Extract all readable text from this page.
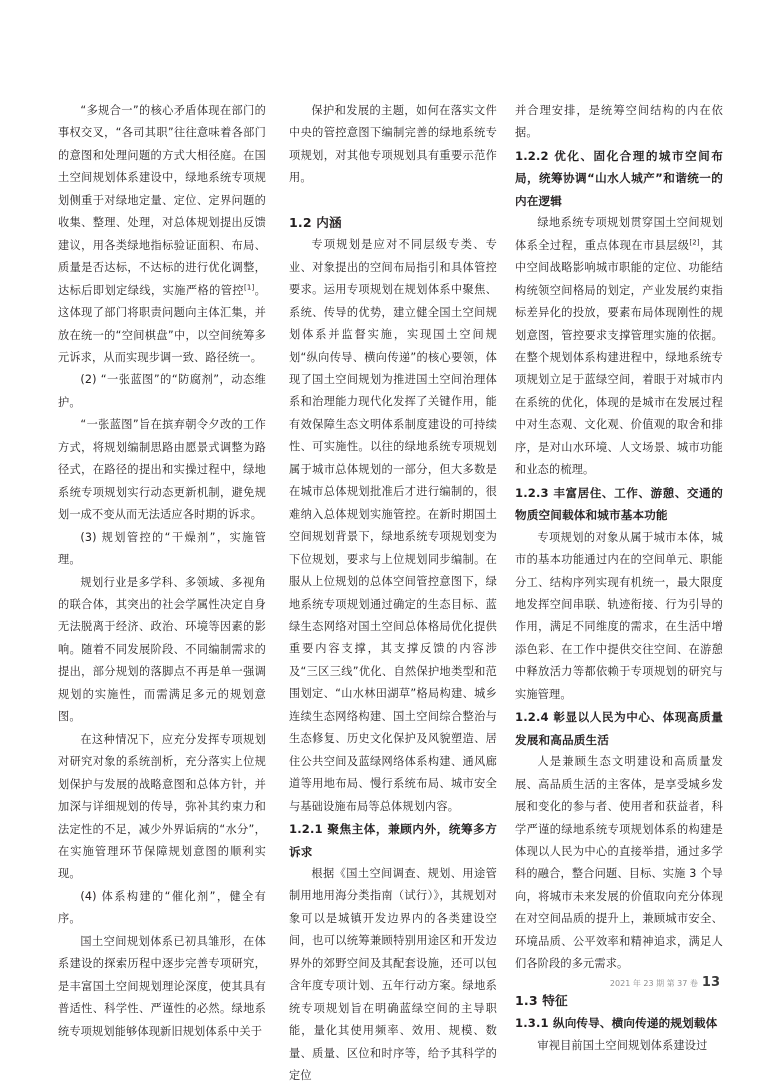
“多规合一”的核心矛盾体现在部门的事权交叉，“各司其职”往往意味着各部门的意图和处理问题的方式大相径庭。在国土空间规划体系建设中，绿地系统专项规划侧重于对绿地定量、定位、定界问题的收集、整理、处理，对总体规划提出反馈建议，用各类绿地指标验证面积、布局、质量是否达标，不达标的进行优化调整，达标后即划定绿线，实施严格的管控[1]。这体现了部门将职责问题向主体汇集，并放在统一的“空间棋盘”中，以空间统筹多元诉求，从而实现步调一致、路径统一。

(2) “一张蓝图”的“防腐剂”，动态维护。

“一张蓝图”旨在摈弃朝令夕改的工作方式，将规划编制思路由愿景式调整为路径式，在路径的提出和实操过程中，绿地系统专项规划实行动态更新机制，避免规划一成不变从而无法适应各时期的诉求。

(3) 规划管控的“干燥剂”，实施管理。

规划行业是多学科、多领域、多视角的联合体，其突出的社会学属性决定自身无法脱离于经济、政治、环境等因素的影响。随着不同发展阶段、不同编制需求的提出，部分规划的落脚点不再是单一强调规划的实施性，而需满足多元的规划意图。

在这种情况下，应充分发挥专项规划对研究对象的系统剖析，充分落实上位规划保护与发展的战略意图和总体方针，并加深与详细规划的传导，弥补其约束力和法定性的不足，减少外界诟病的“水分”，在实施管理环节保障规划意图的顺利实现。

(4) 体系构建的“催化剂”，健全有序。

国土空间规划体系已初具雏形，在体系建设的探索历程中逐步完善专项研究，是丰富国土空间规划理论深度，使其具有普适性、科学性、严谨性的必然。绿地系统专项规划能够体现新旧规划体系中关于

保护和发展的主题，如何在落实文件中央的管控意图下编制完善的绿地系统专项规划，对其他专项规划具有重要示范作用。

1.2 内涵

专项规划是应对不同层级专类、专业、对象提出的空间布局指引和具体管控要求。运用专项规划在规划体系中聚焦、系统、传导的优势，建立健全国土空间规划体系并监督实施，实现国土空间规划“纵向传导、横向传递”的核心要领，体现了国土空间规划为推进国土空间治理体系和治理能力现代化发挥了关键作用，能有效保障生态文明体系制度建设的可持续性、可实施性。以往的绿地系统专项规划属于城市总体规划的一部分，但大多数是在城市总体规划批准后才进行编制的，很难纳入总体规划实施管控。在新时期国土空间规划背景下，绿地系统专项规划变为下位规划，要求与上位规划同步编制。在服从上位规划的总体空间管控意图下，绿地系统专项规划通过确定的生态目标、蓝绿生态网络对国土空间总体格局优化提供重要内容支撑，其支撑反馈的内容涉及“三区三线”优化、自然保护地类型和范围划定、“山水林田湖草”格局构建、城乡连续生态网络构建、国土空间综合整治与生态修复、历史文化保护及风貌塑造、居住公共空间及蓝绿网络体系构建、通风廊道等用地布局、慢行系统布局、城市安全与基础设施布局等总体规划内容。

1.2.1 聚焦主体，兼顾内外，统筹多方诉求

根据《国土空间调查、规划、用途管制用地用海分类指南（试行）》，其规划对象可以是城镇开发边界内的各类建设空间，也可以统筹兼顾特别用途区和开发边界外的郊野空间及其配套设施，还可以包含年度专项计划、五年行动方案。绿地系统专项规划旨在明确蓝绿空间的主导职能，量化其使用频率、效用、规模、数量、质量、区位和时序等，给予其科学的定位

并合理安排，是统筹空间结构的内在依据。

1.2.2 优化、固化合理的城市空间布局，统筹协调“山水人城产”和谐统一的内在逻辑

绿地系统专项规划贯穿国土空间规划体系全过程，重点体现在市县层级[2]，其中空间战略影响城市职能的定位、功能结构统领空间格局的划定，产业发展约束指标差异化的投放，要素布局体现刚性的规划意图，管控要求支撑管理实施的依据。在整个规划体系构建进程中，绿地系统专项规划立足于蓝绿空间，着眼于对城市内在系统的优化，体现的是城市在发展过程中对生态观、文化观、价值观的取舍和排序，是对山水环境、人文场景、城市功能和业态的梳理。

1.2.3 丰富居住、工作、游憩、交通的物质空间载体和城市基本功能

专项规划的对象从属于城市本体，城市的基本功能通过内在的空间单元、职能分工、结构序列实现有机统一，最大限度地发挥空间串联、轨迹衔接、行为引导的作用，满足不同维度的需求，在生活中增添色彩、在工作中提供交往空间、在游憩中释放活力等都依赖于专项规划的研究与实施管理。

1.2.4 彰显以人民为中心、体现高质量发展和高品质生活

人是兼顾生态文明建设和高质量发展、高品质生活的主客体，是享受城乡发展和变化的参与者、使用者和获益者，科学严谨的绿地系统专项规划体系的构建是体现以人民为中心的直接举措，通过多学科的融合，整合问题、目标、实施 3 个导向，将城市未来发展的价值取向充分体现在对空间品质的提升上，兼顾城市安全、环境品质、公平效率和精神追求，满足人们各阶段的多元需求。

1.3 特征

1.3.1 纵向传导、横向传递的规划载体

审视目前国土空间规划体系建设过

2021 年 23 期 第 37 卷 13
